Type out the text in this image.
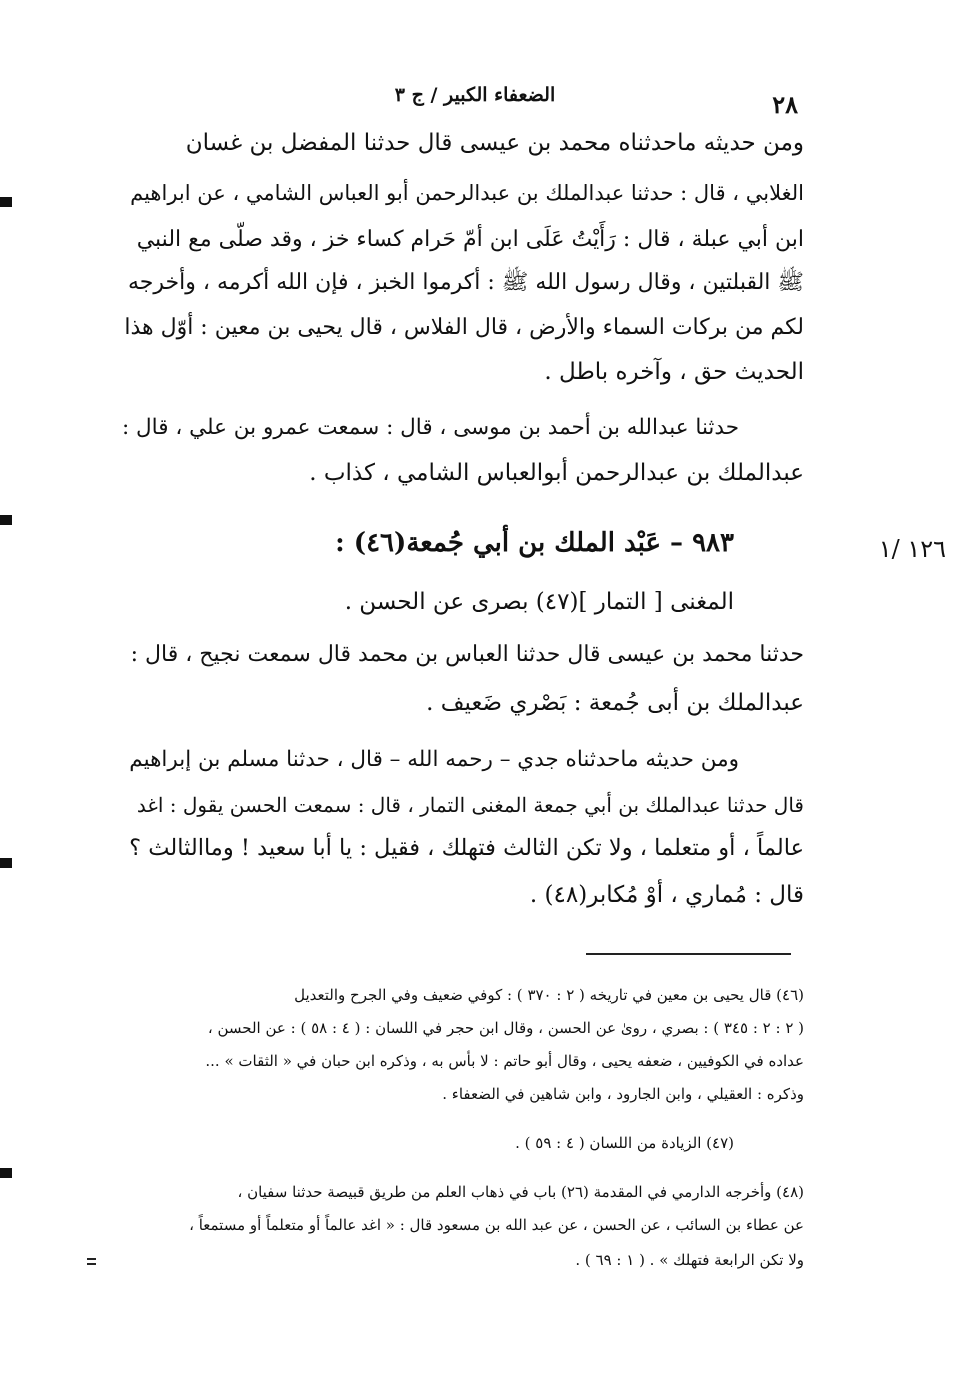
الضعفاء الكبير / ج ٣	٢٨
ومن حديثه ماحدثناه محمد بن عيسى قال حدثنا المفضل بن غسان
الغلابي ، قال : حدثنا عبدالملك بن عبدالرحمن أبو العباس الشامي ، عن ابراهيم
ابن أبي عبلة ، قال : رَأَيْتُ عَلَى ابن أمّ حَرام كساء خز ، وقد صلّى مع النبي
ﷺ القبلتين ، وقال رسول الله ﷺ : أكرموا الخبز ، فإن الله أكرمه ، وأخرجه
لكم من بركات السماء والأرض ، قال الفلاس ، قال يحيى بن معين : أوّل هذا
الحديث حق ، وآخره باطل .
حدثنا عبدالله بن أحمد بن موسى ، قال : سمعت عمرو بن علي ، قال :
عبدالملك بن عبدالرحمن أبوالعباس الشامي ، كذاب .
٩٨٣ – عَبْد الملك بن أبي جُمعة(٤٦) :	١٢٦ /١
المغنى [ التمار ](٤٧) بصرى عن الحسن .
حدثنا محمد بن عيسى قال حدثنا العباس بن محمد قال سمعت نجيح ، قال :
عبدالملك بن أبى جُمعة : بَصْري ضَعيف .
ومن حديثه ماحدثناه جدي – رحمه الله – قال ، حدثنا مسلم بن إبراهيم
قال حدثنا عبدالملك بن أبي جمعة المغنى التمار ، قال : سمعت الحسن يقول : اغد
عالماً ، أو متعلما ، ولا تكن الثالث فتهلك ، فقيل : يا أبا سعيد ! وماالثالث ؟
قال : مُماري ، أوْ مُكابر(٤٨) .
(٤٦) قال يحيى بن معين في تاريخه ( ٢ : ٣٧٠ ) : كوفي ضعيف وفي الجرح والتعديل
( ٢ : ٢ : ٣٤٥ ) : بصري ، روىٰ عن الحسن ، وقال ابن حجر في اللسان : ( ٤ : ٥٨ ) : عن الحسن ،
عداده في الكوفيين ، ضعفه يحيى ، وقال أبو حاتم : لا بأس به ، وذكره ابن حبان في « الثقات » ...
وذكره : العقيلي ، وابن الجارود ، وابن شاهين في الضعفاء .
(٤٧) الزيادة من اللسان ( ٤ : ٥٩ ) .
(٤٨) وأخرجه الدارمي في المقدمة (٢٦) باب في ذهاب العلم من طريق قبيصة حدثنا سفيان ،
عن عطاء بن السائب ، عن الحسن ، عن عبد الله بن مسعود قال : « اغد عالماً أو متعلماً أو مستمعاً ،
ولا تكن الرابعة فتهلك » . ( ١ : ٦٩ ) .
